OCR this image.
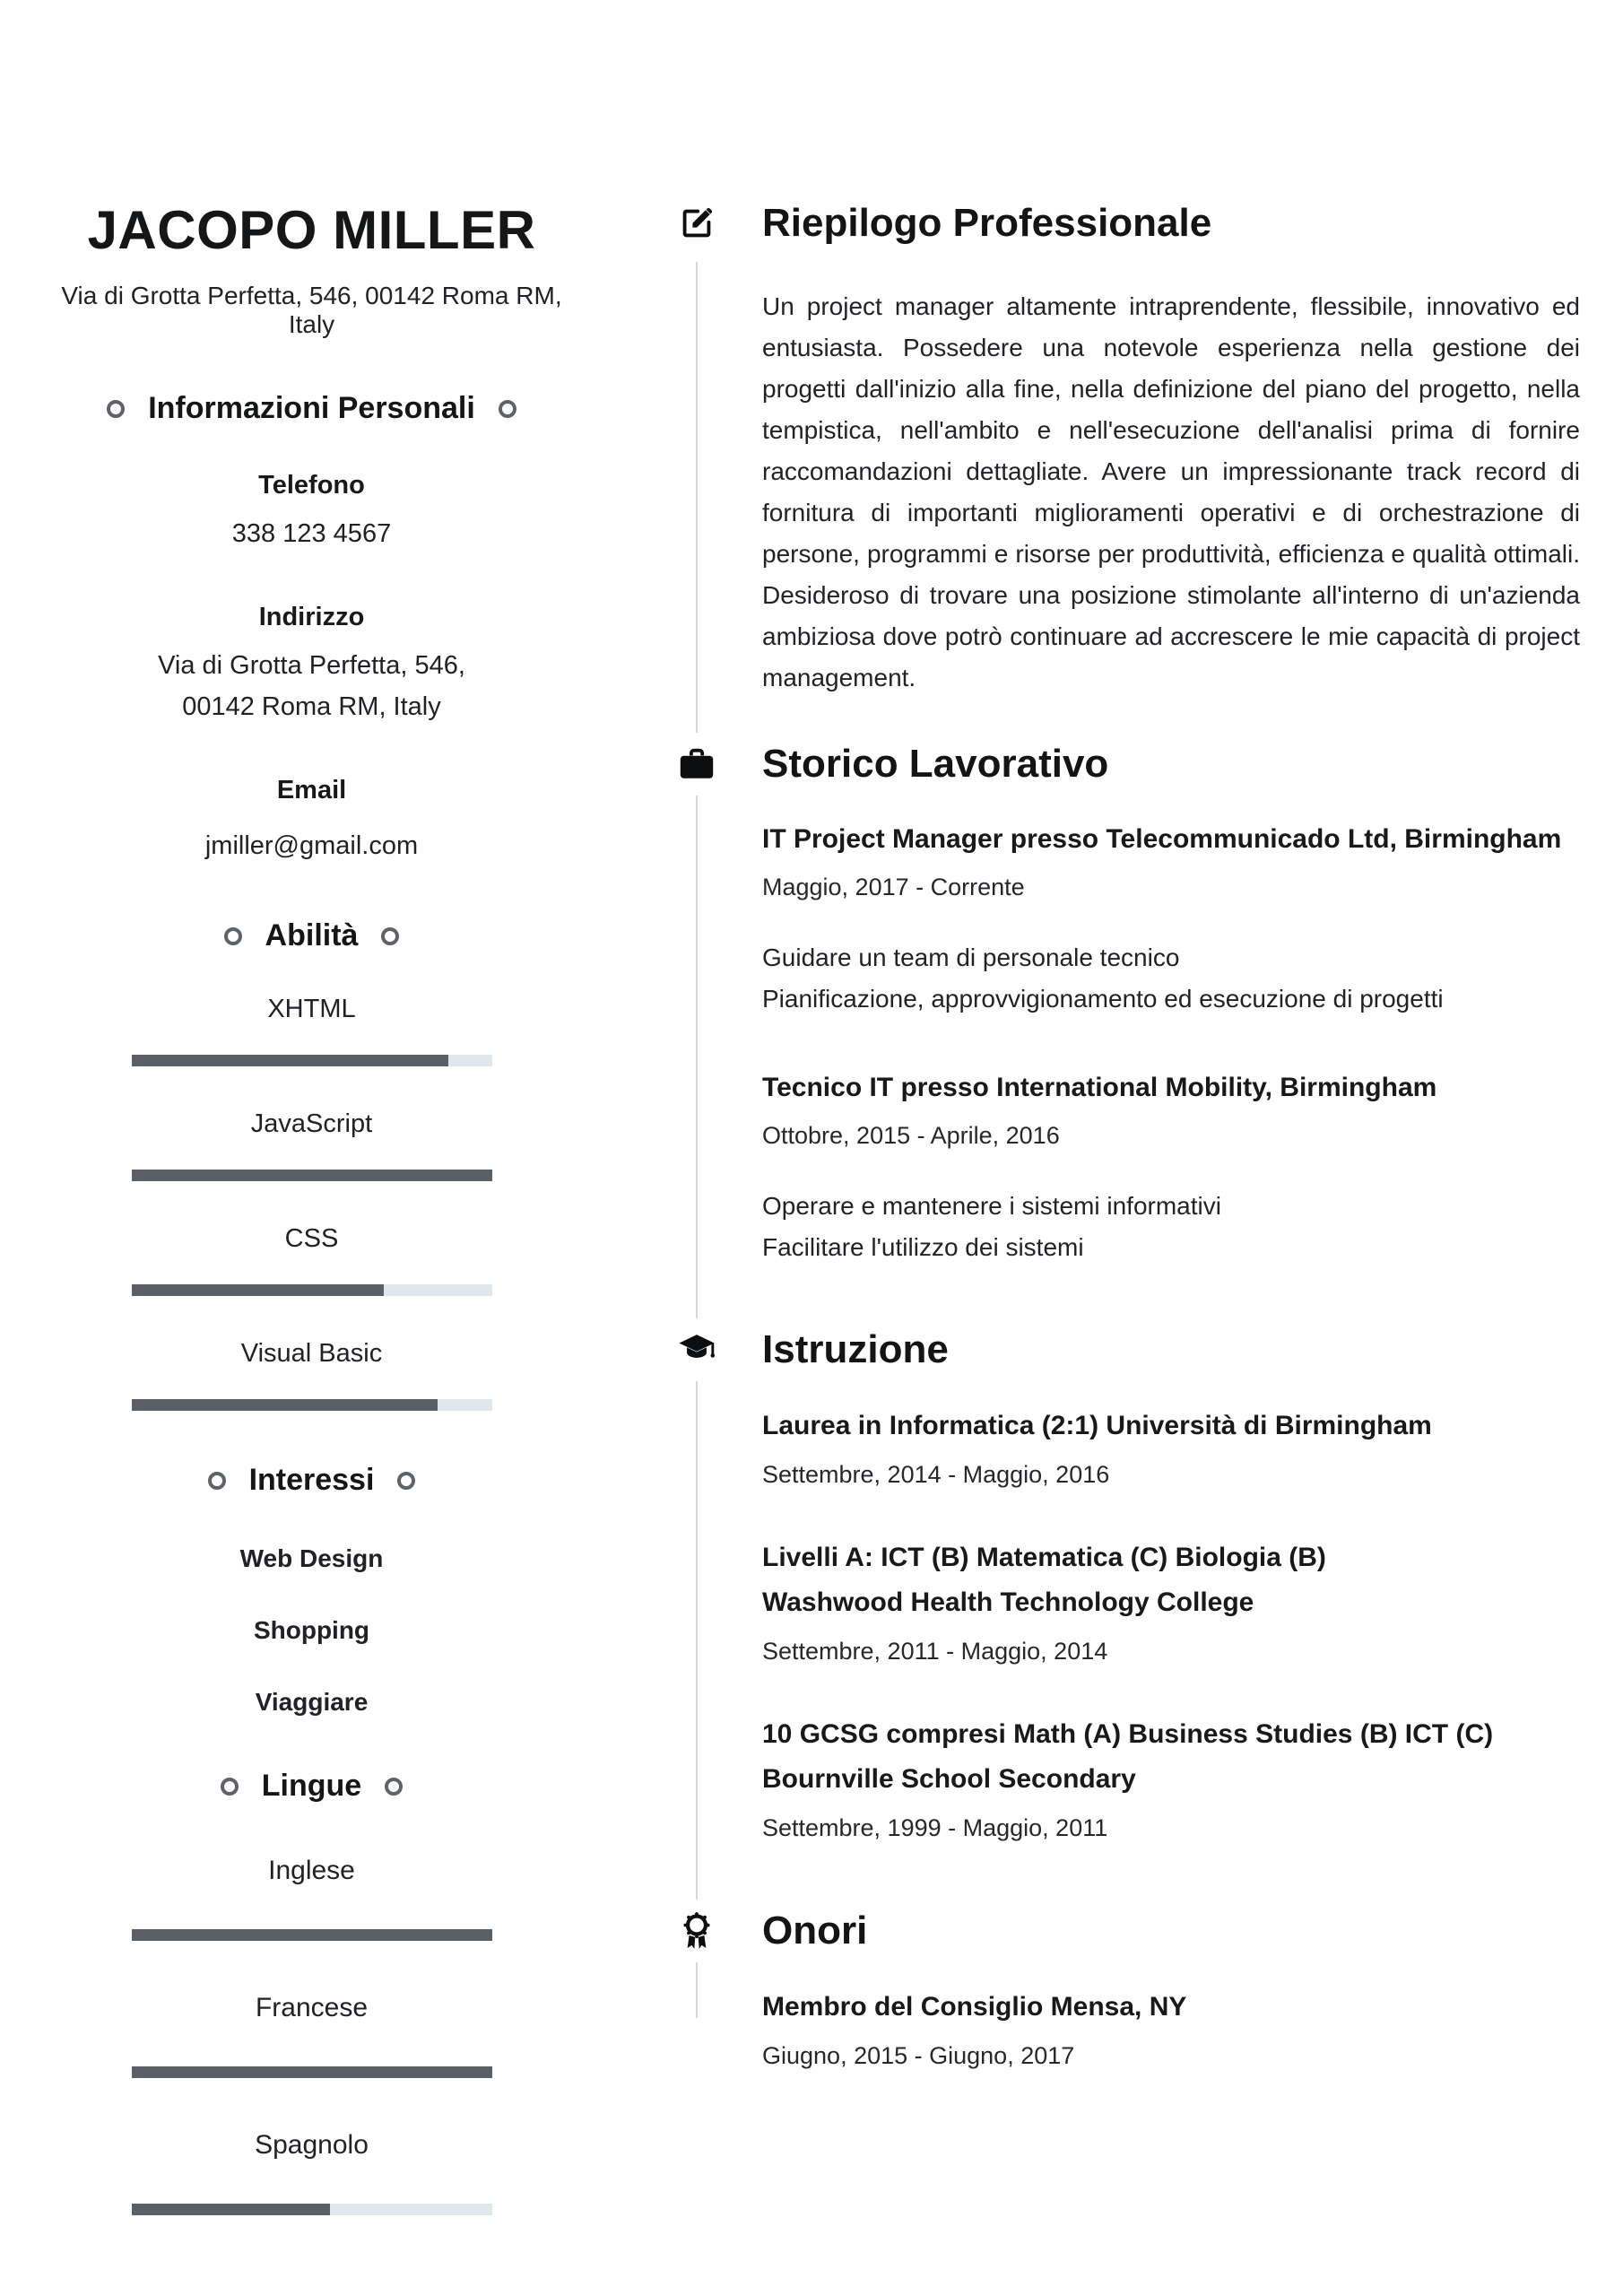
JACOPO MILLER
Via di Grotta Perfetta, 546, 00142 Roma RM, Italy
Informazioni Personali
Telefono
338 123 4567
Indirizzo
Via di Grotta Perfetta, 546,
00142 Roma RM, Italy
Email
jmiller@gmail.com
Abilità
XHTML
JavaScript
CSS
Visual Basic
Interessi
Web Design
Shopping
Viaggiare
Lingue
Inglese
Francese
Spagnolo
Riepilogo Professionale
Un project manager altamente intraprendente, flessibile, innovativo ed entusiasta. Possedere una notevole esperienza nella gestione dei progetti dall'inizio alla fine, nella definizione del piano del progetto, nella tempistica, nell'ambito e nell'esecuzione dell'analisi prima di fornire raccomandazioni dettagliate. Avere un impressionante track record di fornitura di importanti miglioramenti operativi e di orchestrazione di persone, programmi e risorse per produttività, efficienza e qualità ottimali. Desideroso di trovare una posizione stimolante all'interno di un'azienda ambiziosa dove potrò continuare ad accrescere le mie capacità di project management.
Storico Lavorativo
IT Project Manager presso Telecommunicado Ltd, Birmingham
Maggio, 2017 - Corrente
Guidare un team di personale tecnico
Pianificazione, approvvigionamento ed esecuzione di progetti
Tecnico IT presso International Mobility, Birmingham
Ottobre, 2015 - Aprile, 2016
Operare e mantenere i sistemi informativi
Facilitare l'utilizzo dei sistemi
Istruzione
Laurea in Informatica (2:1) Università di Birmingham
Settembre, 2014 - Maggio, 2016
Livelli A: ICT (B) Matematica (C) Biologia (B)
Washwood Health Technology College
Settembre, 2011 - Maggio, 2014
10 GCSG compresi Math (A) Business Studies (B) ICT (C)
Bournville School Secondary
Settembre, 1999 - Maggio, 2011
Onori
Membro del Consiglio Mensa, NY
Giugno, 2015 - Giugno, 2017
